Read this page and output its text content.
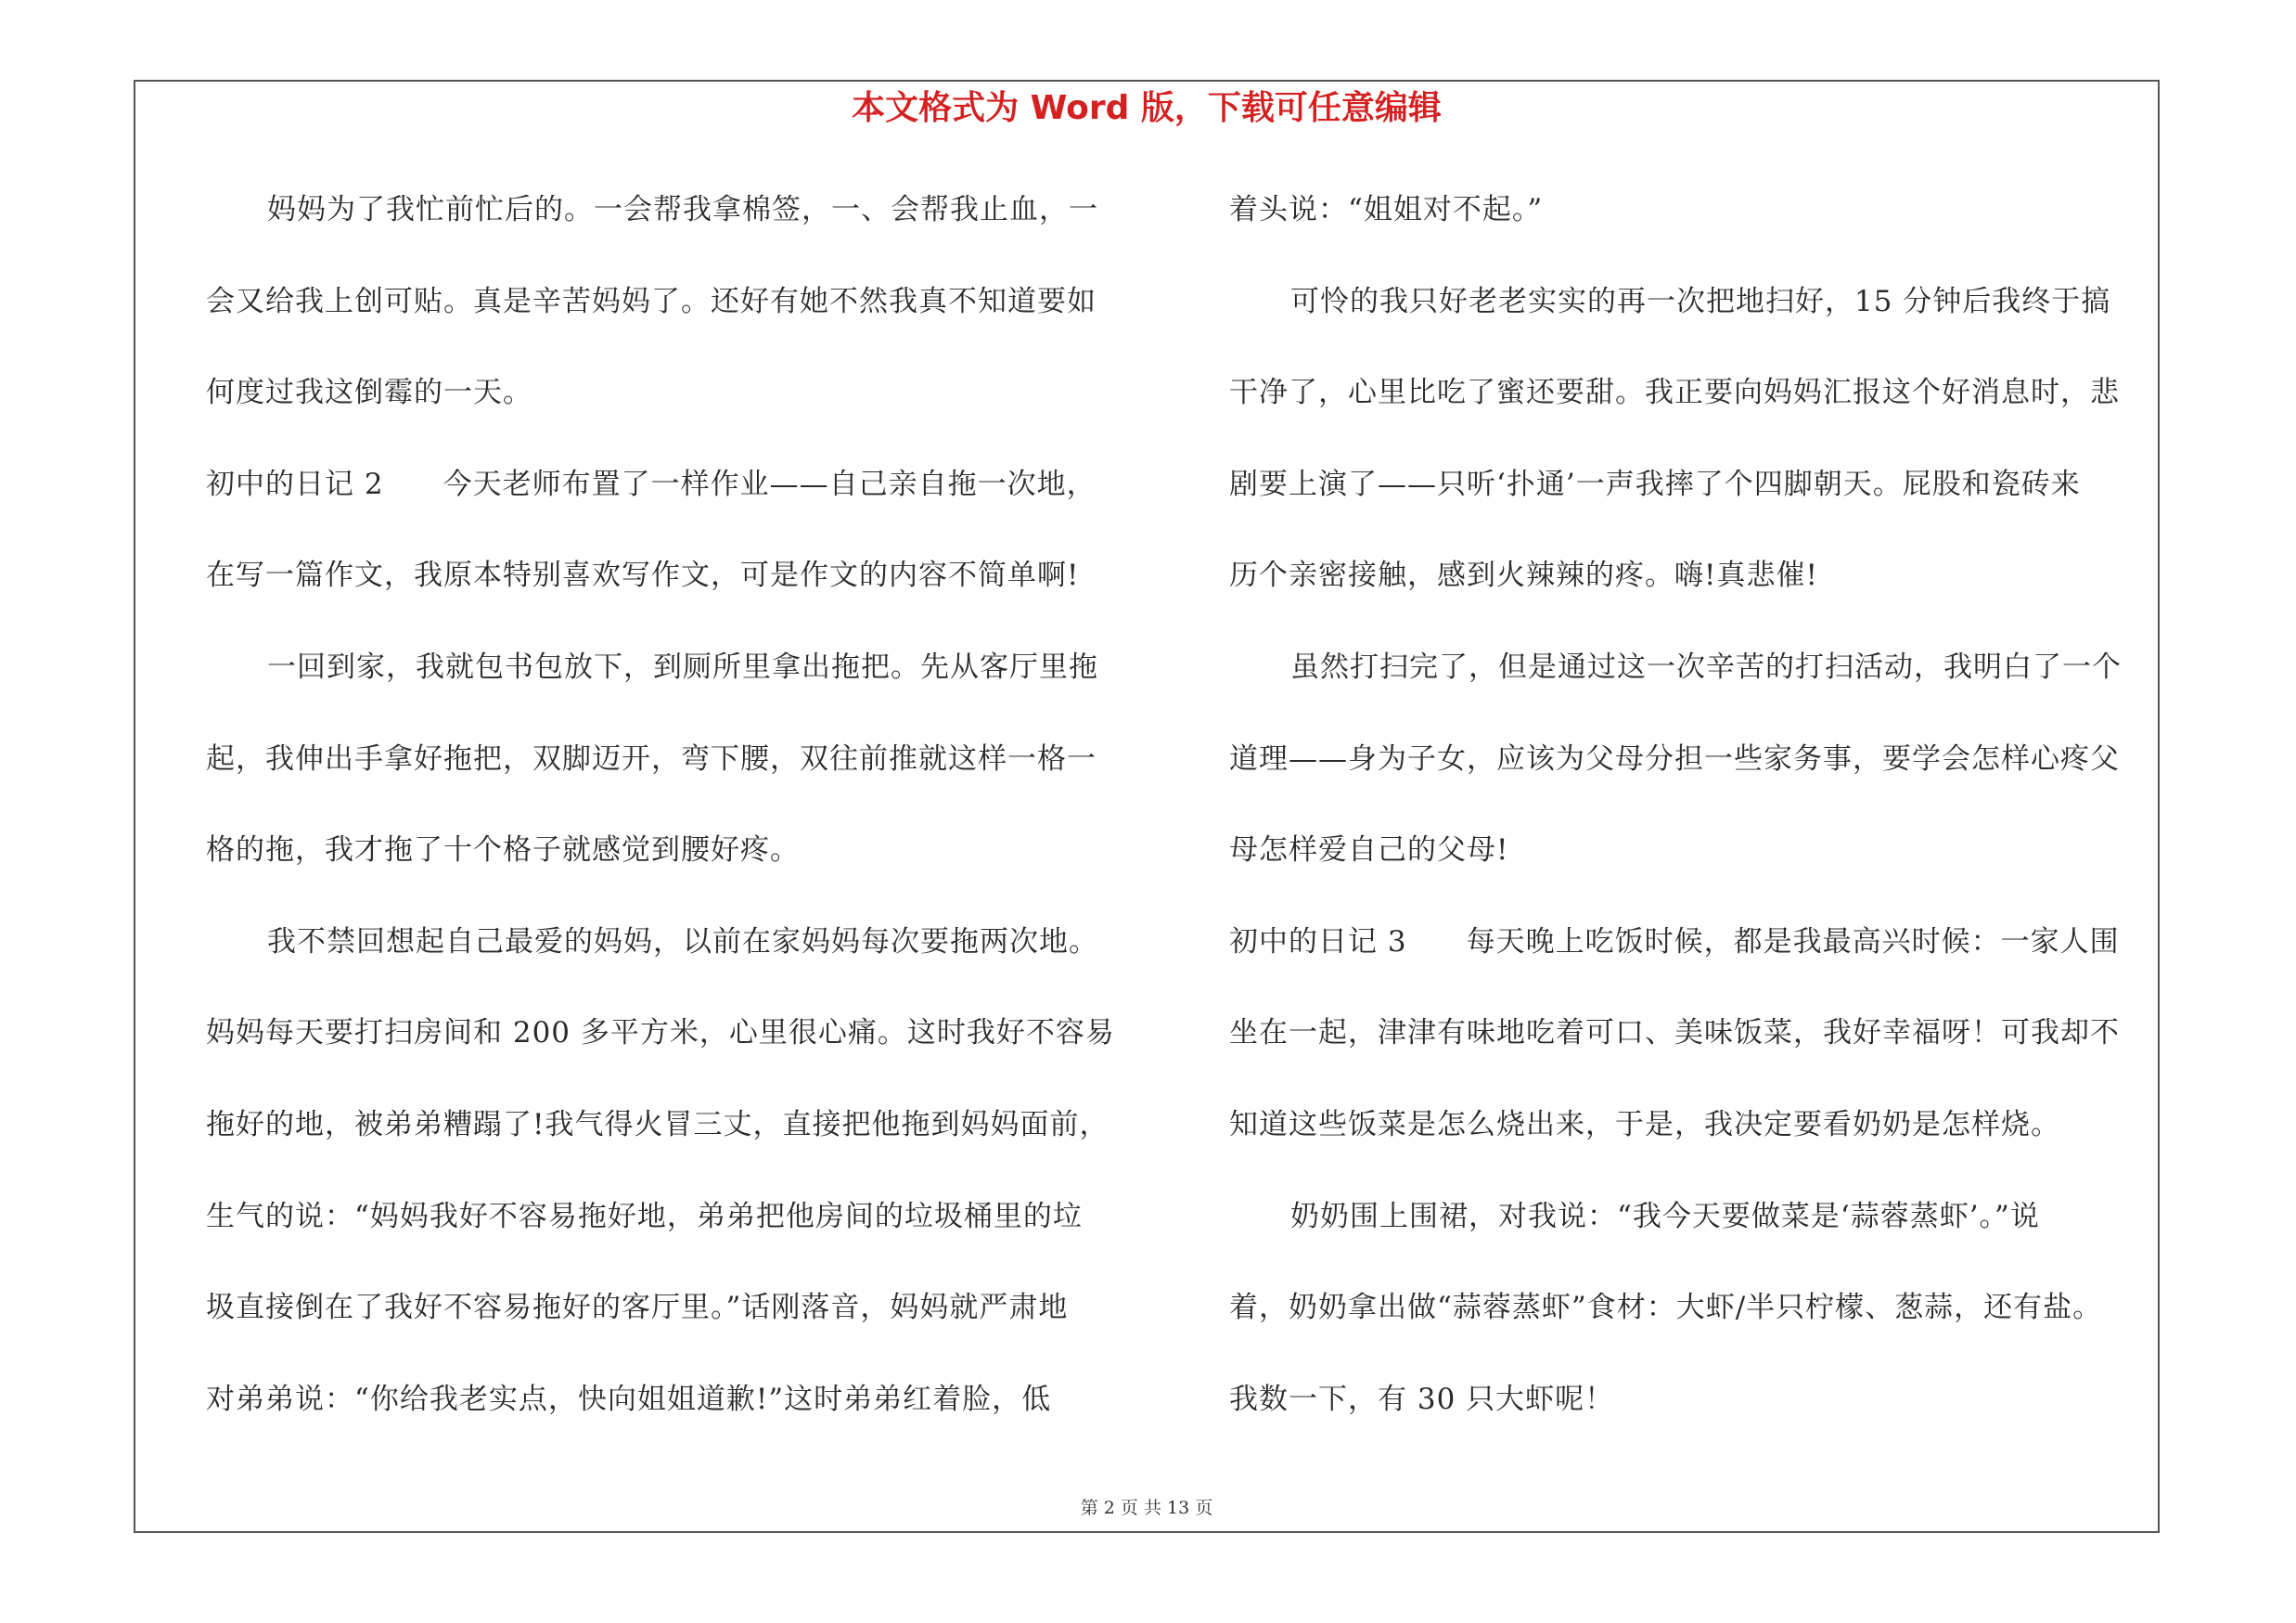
本文格式为 Word 版，下载可任意编辑
妈妈为了我忙前忙后的。一会帮我拿棉签，一、会帮我止血，一
会又给我上创可贴。真是辛苦妈妈了。还好有她不然我真不知道要如
何度过我这倒霉的一天。
初中的日记 2　　今天老师布置了一样作业——自己亲自拖一次地，
在写一篇作文，我原本特别喜欢写作文，可是作文的内容不简单啊!
一回到家，我就包书包放下，到厕所里拿出拖把。先从客厅里拖
起，我伸出手拿好拖把，双脚迈开，弯下腰，双往前推就这样一格一
格的拖，我才拖了十个格子就感觉到腰好疼。
我不禁回想起自己最爱的妈妈，以前在家妈妈每次要拖两次地。
妈妈每天要打扫房间和 200 多平方米，心里很心痛。这时我好不容易
拖好的地，被弟弟糟蹋了!我气得火冒三丈，直接把他拖到妈妈面前，
生气的说：“妈妈我好不容易拖好地，弟弟把他房间的垃圾桶里的垃
圾直接倒在了我好不容易拖好的客厅里。”话刚落音，妈妈就严肃地
对弟弟说：“你给我老实点，快向姐姐道歉!”这时弟弟红着脸，低
着头说：“姐姐对不起。”
可怜的我只好老老实实的再一次把地扫好，15 分钟后我终于搞
干净了，心里比吃了蜜还要甜。我正要向妈妈汇报这个好消息时，悲
剧要上演了——只听‘扑通’一声我摔了个四脚朝天。屁股和瓷砖来
历个亲密接触，感到火辣辣的疼。嗨!真悲催!
虽然打扫完了，但是通过这一次辛苦的打扫活动，我明白了一个
道理——身为子女，应该为父母分担一些家务事，要学会怎样心疼父
母怎样爱自己的父母!
初中的日记 3　　每天晚上吃饭时候，都是我最高兴时候：一家人围
坐在一起，津津有味地吃着可口、美味饭菜，我好幸福呀！可我却不
知道这些饭菜是怎么烧出来，于是，我决定要看奶奶是怎样烧。
奶奶围上围裙，对我说：“我今天要做菜是‘蒜蓉蒸虾’。”说
着，奶奶拿出做“蒜蓉蒸虾”食材：大虾/半只柠檬、葱蒜，还有盐。
我数一下，有 30 只大虾呢！
第 2 页 共 13 页
